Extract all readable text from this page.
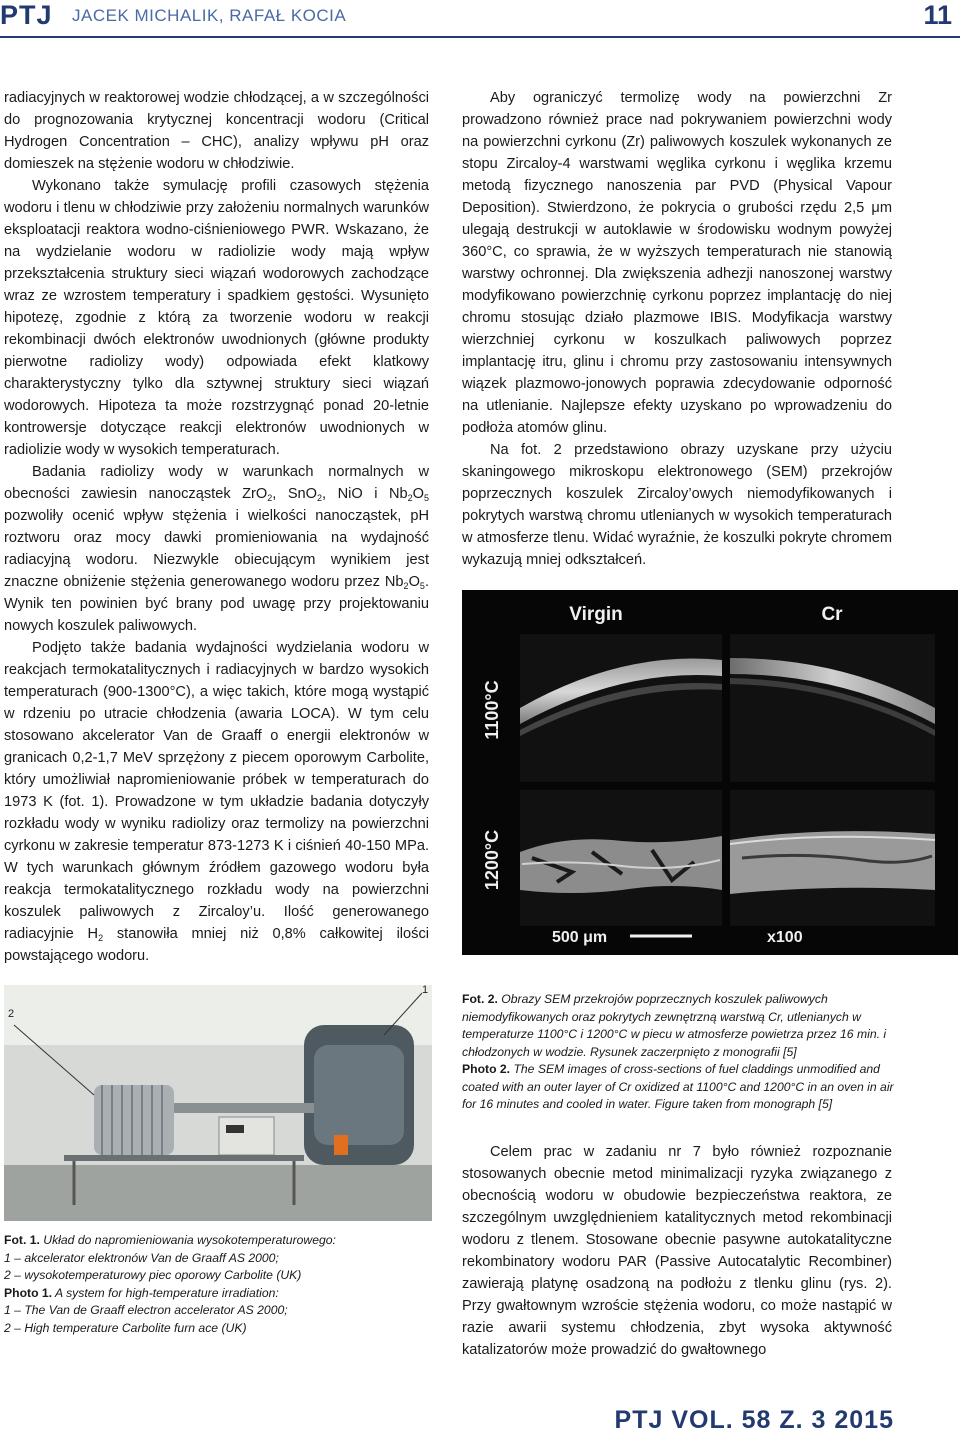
PTJ JACEK MICHALIK, RAFAŁ KOCIA	11

radiacyjnych w reaktorowej wodzie chłodzącej, a w szczególności do prognozowania krytycznej koncentracji wodoru (Critical Hydrogen Concentration – CHC), analizy wpływu pH oraz domieszek na stężenie wodoru w chłodziwie.

Wykonano także symulację profili czasowych stężenia wodoru i tlenu w chłodziwie przy założeniu normalnych warunków eksploatacji reaktora wodno-ciśnieniowego PWR. Wskazano, że na wydzielanie wodoru w radiolizie wody mają wpływ przekształcenia struktury sieci wiązań wodorowych zachodzące wraz ze wzrostem temperatury i spadkiem gęstości. Wysunięto hipotezę, zgodnie z którą za tworzenie wodoru w reakcji rekombinacji dwóch elektronów uwodnionych (główne produkty pierwotne radiolizy wody) odpowiada efekt klatkowy charakterystyczny tylko dla sztywnej struktury sieci wiązań wodorowych. Hipoteza ta może rozstrzygnąć ponad 20-letnie kontrowersje dotyczące reakcji elektronów uwodnionych w radiolizie wody w wysokich temperaturach.

Badania radiolizy wody w warunkach normalnych w obecności zawiesin nanocząstek ZrO$_2$, SnO$_2$, NiO i $Nb_2O_5$ pozwoliły ocenić wpływ stężenia i wielkości nanocząstek, pH roztworu oraz mocy dawki promieniowania na wydajność radiacyjną wodoru. Niezwykle obiecującym wynikiem jest znaczne obniżenie stężenia generowanego wodoru przez $Nb_2O_5$. Wynik ten powinien być brany pod uwagę przy projektowaniu nowych koszulek paliwowych.

Podjęto także badania wydajności wydzielania wodoru w reakcjach termokatalitycznych i radiacyjnych w bardzo wysokich temperaturach (900-1300°C), a więc takich, które mogą wystąpić w rdzeniu po utracie chłodzenia (awaria LOCA). W tym celu stosowano akcelerator Van de Graaff o energii elektronów w granicach 0,2-1,7 MeV sprzężony z piecem oporowym Carbolite, który umożliwiał napromieniowanie próbek w temperaturach do 1973 K (fot. 1). Prowadzone w tym układzie badania dotyczyły rozkładu wody w wyniku radiolizy oraz termolizy na powierzchni cyrkonu w zakresie temperatur 873-1273 K i ciśnień 40-150 MPa. W tych warunkach głównym źródłem gazowego wodoru była reakcja termokatalitycznego rozkładu wody na powierzchni koszulek paliwowych z Zircaloy’u. Ilość generowanego radiacyjnie $H_2$ stanowiła mniej niż 0,8% całkowitej ilości powstającego wodoru.

Aby ograniczyć termolizę wody na powierzchni Zr prowadzono również prace nad pokrywaniem powierzchni wody na powierzchni cyrkonu (Zr) paliwowych koszulek wykonanych ze stopu Zircaloy-4 warstwami węglika cyrkonu i węglika krzemu metodą fizycznego nanoszenia par PVD (Physical Vapour Deposition). Stwierdzono, że pokrycia o grubości rzędu 2,5 μm ulegają destrukcji w autoklawie w środowisku wodnym powyżej 360°C, co sprawia, że w wyższych temperaturach nie stanowią warstwy ochronnej. Dla zwiększenia adhezji nanoszonej warstwy modyfikowano powierzchnię cyrkonu poprzez implantację do niej chromu stosując działo plazmowe IBIS. Modyfikacja warstwy wierzchniej cyrkonu w koszulkach paliwowych poprzez implantację itru, glinu i chromu przy zastosowaniu intensywnych wiązek plazmowo-jonowych poprawia zdecydowanie odporność na utlenianie. Najlepsze efekty uzyskano po wprowadzeniu do podłoża atomów glinu.

Na fot. 2 przedstawiono obrazy uzyskane przy użyciu skaningowego mikroskopu elektronowego (SEM) przekrojów poprzecznych koszulek Zircaloy’owych niemodyfikowanych i pokrytych warstwą chromu utlenianych w wysokich temperaturach w atmosferze tlenu. Widać wyraźnie, że koszulki pokryte chromem wykazują mniej odkształceń.

Virgin	Cr
1100°C
1200°C
500 μm	x100

Fot. 2. Obrazy SEM przekrojów poprzecznych koszulek paliwowych niemodyfikowanych oraz pokrytych zewnętrzną warstwą Cr, utlenianych w temperaturze 1100°C i 1200°C w piecu w atmosferze powietrza przez 16 min. i chłodzonych w wodzie. Rysunek zaczerpnięto z monografii [5]

Photo 2. The SEM images of cross-sections of fuel claddings unmodified and coated with an outer layer of Cr oxidized at 1100°C and 1200°C in an oven in air for 16 minutes and cooled in water. Figure taken from monograph [5]

2
1

Fot. 1. Układ do napromieniowania wysokotemperaturowego:

1 – akcelerator elektronów Van de Graaff AS 2000;

2 – wysokotemperaturowy piec oporowy Carbolite (UK)

Photo 1. A system for high-temperature irradiation:

1 – The Van de Graaff electron accelerator AS 2000;

2 – High temperature Carbolite furn ace (UK)

Celem prac w zadaniu nr 7 było również rozpoznanie stosowanych obecnie metod minimalizacji ryzyka związanego z obecnością wodoru w obudowie bezpieczeństwa reaktora, ze szczególnym uwzględnieniem katalitycznych metod rekombinacji wodoru z tlenem. Stosowane obecnie pasywne autokatalityczne rekombinatory wodoru PAR (Passive Autocatalytic Recombiner) zawierają platynę osadzoną na podłożu z tlenku glinu (rys. 2). Przy gwałtownym wzroście stężenia wodoru, co może nastąpić w razie awarii systemu chłodzenia, zbyt wysoka aktywność katalizatorów może prowadzić do gwałtownego

PTJ VOL. 58 Z. 3 2015
